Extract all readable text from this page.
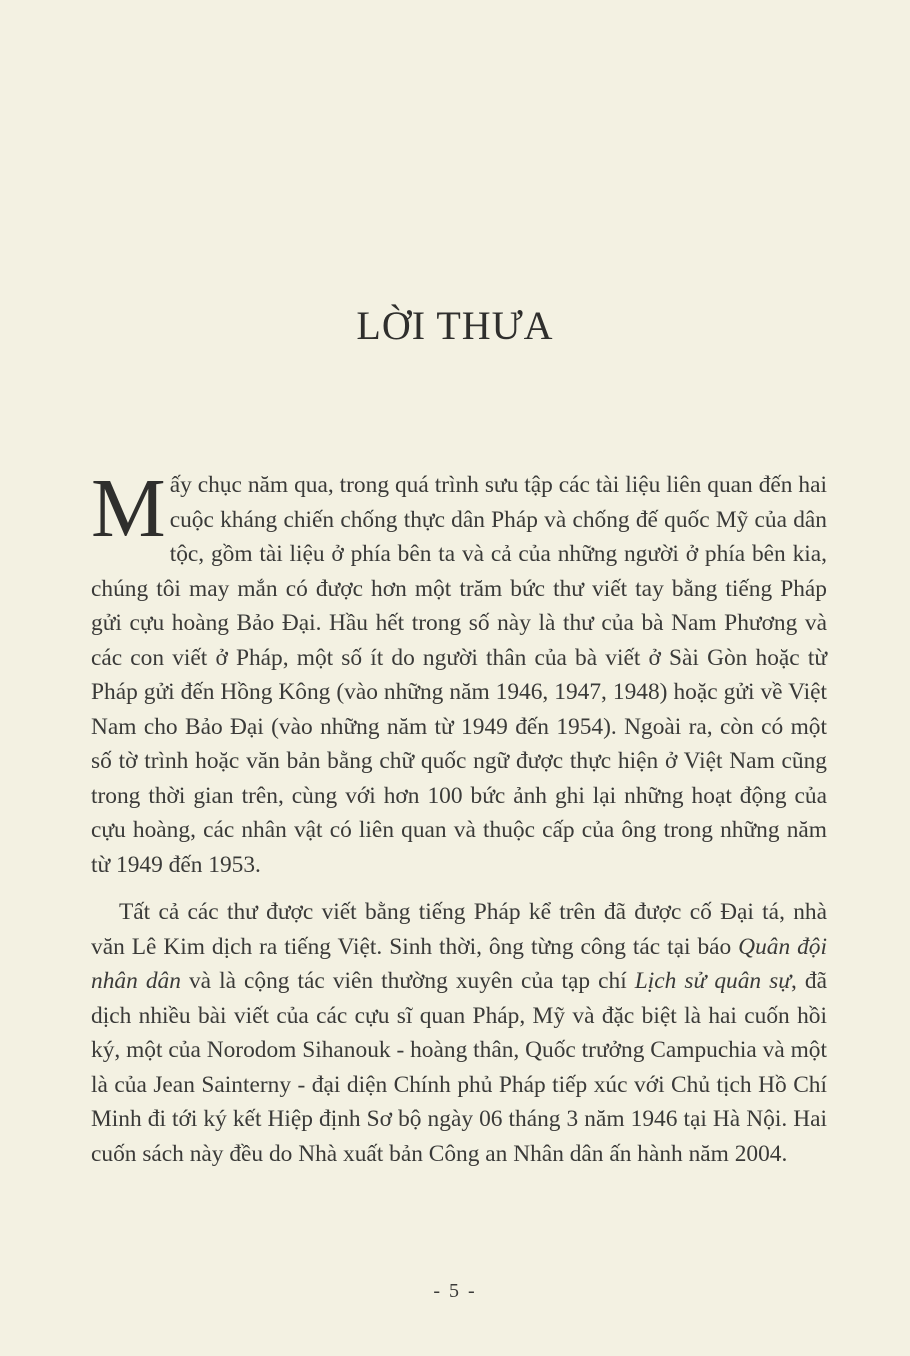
LỜI THƯA

Mấy chục năm qua, trong quá trình sưu tập các tài liệu liên quan đến hai cuộc kháng chiến chống thực dân Pháp và chống đế quốc Mỹ của dân tộc, gồm tài liệu ở phía bên ta và cả của những người ở phía bên kia, chúng tôi may mắn có được hơn một trăm bức thư viết tay bằng tiếng Pháp gửi cựu hoàng Bảo Đại. Hầu hết trong số này là thư của bà Nam Phương và các con viết ở Pháp, một số ít do người thân của bà viết ở Sài Gòn hoặc từ Pháp gửi đến Hồng Kông (vào những năm 1946, 1947, 1948) hoặc gửi về Việt Nam cho Bảo Đại (vào những năm từ 1949 đến 1954). Ngoài ra, còn có một số tờ trình hoặc văn bản bằng chữ quốc ngữ được thực hiện ở Việt Nam cũng trong thời gian trên, cùng với hơn 100 bức ảnh ghi lại những hoạt động của cựu hoàng, các nhân vật có liên quan và thuộc cấp của ông trong những năm từ 1949 đến 1953.

Tất cả các thư được viết bằng tiếng Pháp kể trên đã được cố Đại tá, nhà văn Lê Kim dịch ra tiếng Việt. Sinh thời, ông từng công tác tại báo Quân đội nhân dân và là cộng tác viên thường xuyên của tạp chí Lịch sử quân sự, đã dịch nhiều bài viết của các cựu sĩ quan Pháp, Mỹ và đặc biệt là hai cuốn hồi ký, một của Norodom Sihanouk - hoàng thân, Quốc trưởng Campuchia và một là của Jean Sainterny - đại diện Chính phủ Pháp tiếp xúc với Chủ tịch Hồ Chí Minh đi tới ký kết Hiệp định Sơ bộ ngày 06 tháng 3 năm 1946 tại Hà Nội. Hai cuốn sách này đều do Nhà xuất bản Công an Nhân dân ấn hành năm 2004.

- 5 -
